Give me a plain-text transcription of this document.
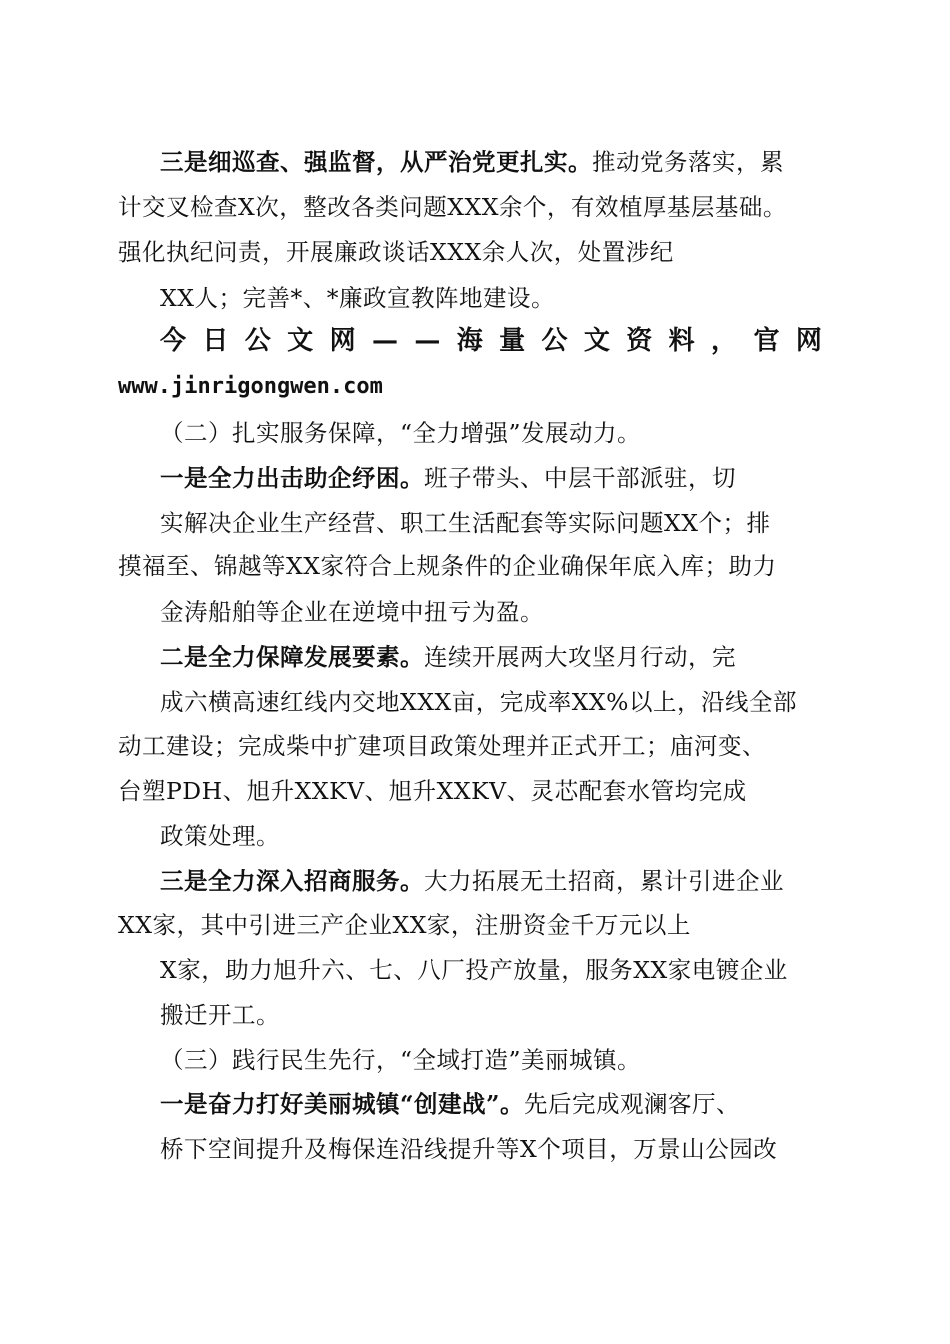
三是细巡查、强监督，从严治党更扎实。推动党务落实，累
计交叉检查X次，整改各类问题XXX余个，有效植厚基层基础。
强化执纪问责，开展廉政谈话XXX余人次，处置涉纪
XX人；完善*、*廉政宣教阵地建设。
今 日 公 文 网 — — 海 量 公 文 资 料 ， 官 网
www.jinrigongwen.com
（二）扎实服务保障，“全力增强”发展动力。
一是全力出击助企纾困。班子带头、中层干部派驻，切
实解决企业生产经营、职工生活配套等实际问题XX个；排
摸福至、锦越等XX家符合上规条件的企业确保年底入库；助力
金涛船舶等企业在逆境中扭亏为盈。
二是全力保障发展要素。连续开展两大攻坚月行动，完
成六横高速红线内交地XXX亩，完成率XX%以上，沿线全部
动工建设；完成柴中扩建项目政策处理并正式开工；庙河变、
台塑PDH、旭升XXKV、旭升XXKV、灵芯配套水管均完成
政策处理。
三是全力深入招商服务。大力拓展无土招商，累计引进企业
XX家，其中引进三产企业XX家，注册资金千万元以上
X家，助力旭升六、七、八厂投产放量，服务XX家电镀企业
搬迁开工。
（三）践行民生先行，“全域打造”美丽城镇。
一是奋力打好美丽城镇“创建战”。先后完成观澜客厅、
桥下空间提升及梅保连沿线提升等X个项目，万景山公园改
